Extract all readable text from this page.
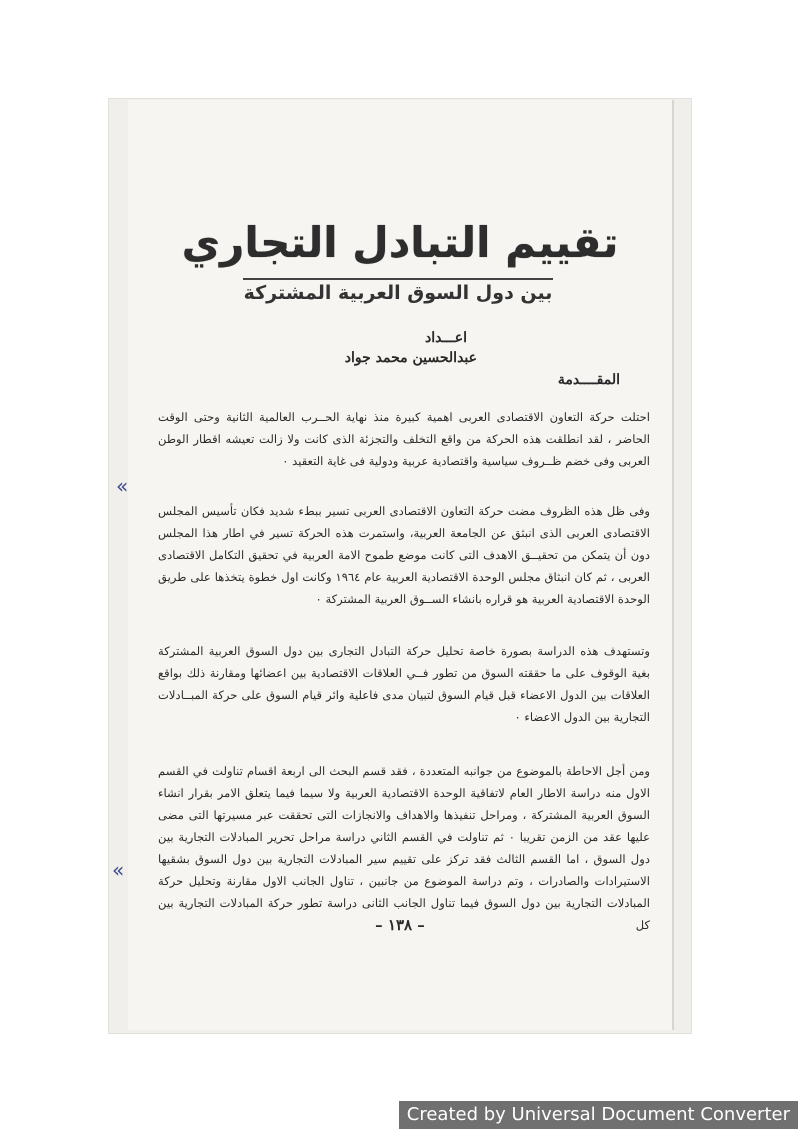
تقييم التبادل التجاري
بين دول السوق العربية المشتركة
اعـــداد
عبدالحسين محمد جواد
المقــــدمة

احتلت حركة التعاون الاقتصادى العربى اهمية كبيرة منذ نهاية الحــرب العالمية الثانية وحتى الوقت الحاضر ، لقد انطلقت هذه الحركة من واقع التخلف والتجزئة الذى كانت ولا زالت تعيشه اقطار الوطن العربى وفى خضم ظــروف سياسية واقتصادية عربية ودولية فى غاية التعقيد ٠

وفى ظل هذه الظروف مضت حركة التعاون الاقتصادى العربى تسير ببطء شديد فكان تأسيس المجلس الاقتصادى العربى الذى انبثق عن الجامعة العربية، واستمرت هذه الحركة تسير في اطار هذا المجلس دون أن يتمكن من تحقيــق الاهدف التى كانت موضع طموح الامة العربية في تحقيق التكامل الاقتصادى العربى ، ثم كان انبثاق مجلس الوحدة الاقتصادية العربية عام ١٩٦٤ وكانت اول خطوة يتخذها على طريق الوحدة الاقتصادية العربية هو قراره بانشاء الســوق العربية المشتركة ٠

وتستهدف هذه الدراسة بصورة خاصة تحليل حركة التبادل التجارى بين دول السوق العربية المشتركة بغية الوقوف على ما حققته السوق من تطور فــي العلاقات الاقتصادية بين اعضائها ومقارنة ذلك بواقع العلاقات بين الدول الاعضاء قبل قيام السوق لتبيان مدى فاعلية وائر قيام السوق على حركة المبــادلات التجارية بين الدول الاعضاء ٠

ومن أجل الاحاطة بالموضوع من جوانبه المتعددة ، فقد قسم البحث الى اربعة اقسام تناولت في القسم الاول منه دراسة الاطار العام لاتفاقية الوحدة الاقتصادية العربية ولا سيما فيما يتعلق الامر بقرار انشاء السوق العربية المشتركة ، ومراحل تنفيذها والاهداف والانجازات التى تحققت عبر مسيرتها التى مضى عليها عقد من الزمن تقريبا ٠ ثم تناولت في القسم الثاني دراسة مراحل تحرير المبادلات التجارية بين دول السوق ، اما القسم الثالث فقد تركز على تقييم سير المبادلات التجارية بين دول السوق بشقيها الاستيرادات والصادرات ، وتم دراسة الموضوع من جانبين ، تناول الجانب الاول مقارنة وتحليل حركة المبادلات التجارية بين دول السوق فيما تناول الجانب الثانى دراسة تطور حركة المبادلات التجارية بين كل

– ١٣٨ –
«
«
Created by Universal Document Converter
